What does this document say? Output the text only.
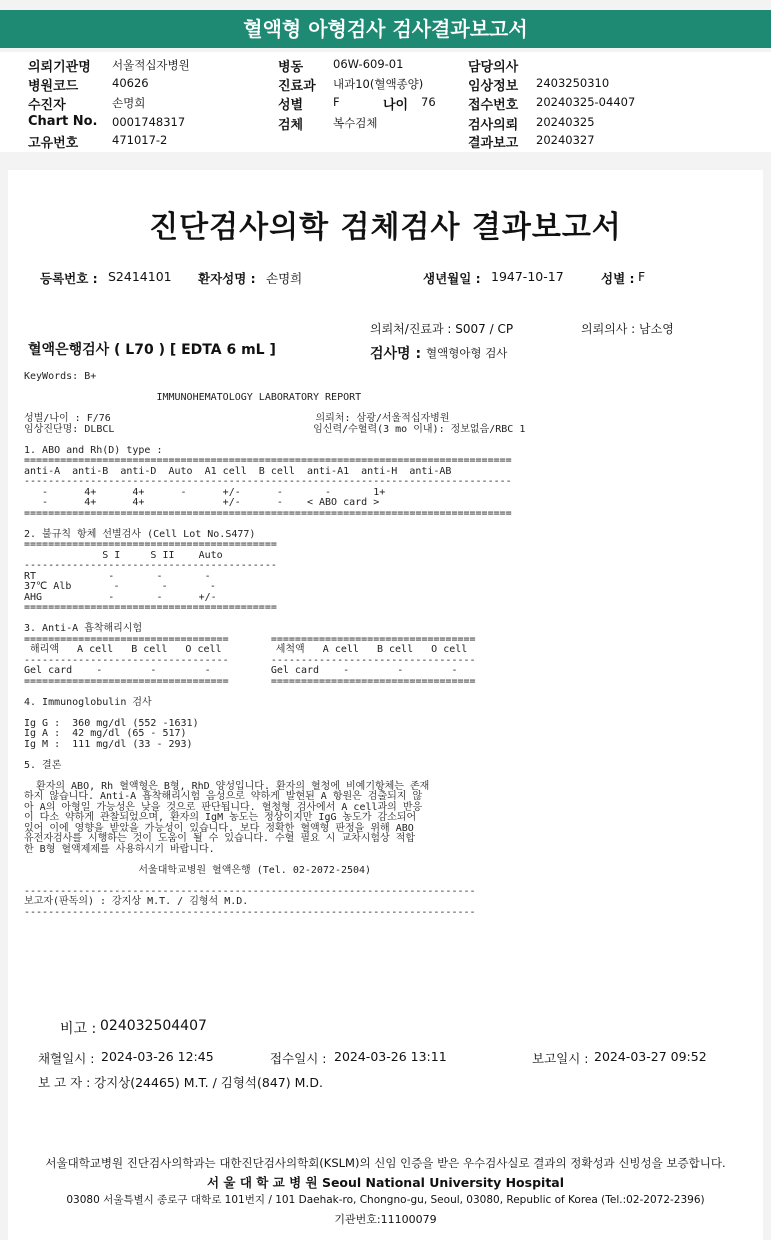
혈액형 아형검사 검사결과보고서
의뢰기관명 서울적십자병원
병원코드	40626
수진자	손명희
Chart No. 0001748317
고유번호	471017-2
병동	06W-609-01
진료과 내과10(혈액종양)
성별	F	나이 76
검체	복수검체
담당의사
임상정보 2403250310
접수번호 20240325-04407
검사의뢰 20240325
결과보고 20240327
진단검사의학 검체검사 결과보고서
등록번호 : S2414101 환자성명 : 손명희	생년월일 : 1947-10-17	성별 : F
의뢰처/진료과 : S007 / CP	의뢰의사 : 남소영
혈액은행검사 ( L70 ) [ EDTA 6 mL ]	검사명 : 혈액형아형 검사
KeyWords: B+

IMMUNOHEMATOLOGY LABORATORY REPORT

성별/나이 : F/76                                  의뢰처: 삼광/서울적십자병원
임상진단명: DLBCL                                 임신력/수혈력(3 mo 이내): 정보없음/RBC 1

1. ABO and Rh(D) type :
=================================================================================
anti-A  anti-B  anti-D  Auto  A1 cell  B cell  anti-A1  anti-H  anti-AB
---------------------------------------------------------------------------------
-      4+      4+      -      +/-      -       -       1+
-      4+      4+             +/-      -    < ABO card >
=================================================================================

2. 불규칙 항체 선별검사 (Cell Lot No.S477)
==========================================
S I     S II    Auto
------------------------------------------
RT            -       -       -
37℃ Alb       -       -       -
AHG           -       -      +/-
==========================================

3. Anti-A 흡착해리시험
==================================       ==================================
해리액   A cell   B cell   O cell         세척액   A cell   B cell   O cell
----------------------------------       ----------------------------------
Gel card    -        -        -          Gel card    -        -        -
==================================       ==================================

4. Immunoglobulin 검사

Ig G :  360 mg/dl (552 -1631)
Ig A :  42 mg/dl (65 - 517)
Ig M :  111 mg/dl (33 - 293)

5. 결론

환자의 ABO, Rh 혈액형은 B형, RhD 양성입니다. 환자의 혈청에 비예기항체는 존재
하지 않습니다. Anti-A 흡착해리시험 음성으로 약하게 발현된 A 항원은 검출되지 않
아 A의 아형일 가능성은 낮을 것으로 판단됩니다. 혈청형 검사에서 A cell과의 반응
이 다소 약하게 관찰되었으며, 환자의 IgM 농도는 정상이지만 IgG 농도가 감소되어
있어 이에 영향을 받았을 가능성이 있습니다. 보다 정확한 혈액형 판정을 위해 ABO
유전자검사를 시행하는 것이 도움이 될 수 있습니다. 수혈 필요 시 교차시험상 적합
한 B형 혈액제제를 사용하시기 바랍니다.

서울대학교병원 혈액은행 (Tel. 02-2072-2504)

---------------------------------------------------------------------------
보고자(판독의) : 강지상 M.T. / 김형석 M.D.
---------------------------------------------------------------------------
비고 : 024032504407
채혈일시 : 2024-03-26 12:45	접수일시 : 2024-03-26 13:11	보고일시 : 2024-03-27 09:52
보 고 자 : 강지상(24465) M.T. / 김형석(847) M.D.
서울대학교병원 진단검사의학과는 대한진단검사의학회(KSLM)의 신임 인증을 받은 우수검사실로 결과의 정확성과 신빙성을 보증합니다.
서 울 대 학 교 병 원 Seoul National University Hospital
03080 서울특별시 종로구 대학로 101번지 / 101 Daehak-ro, Chongno-gu, Seoul, 03080, Republic of Korea (Tel.:02-2072-2396)
기관번호:11100079
